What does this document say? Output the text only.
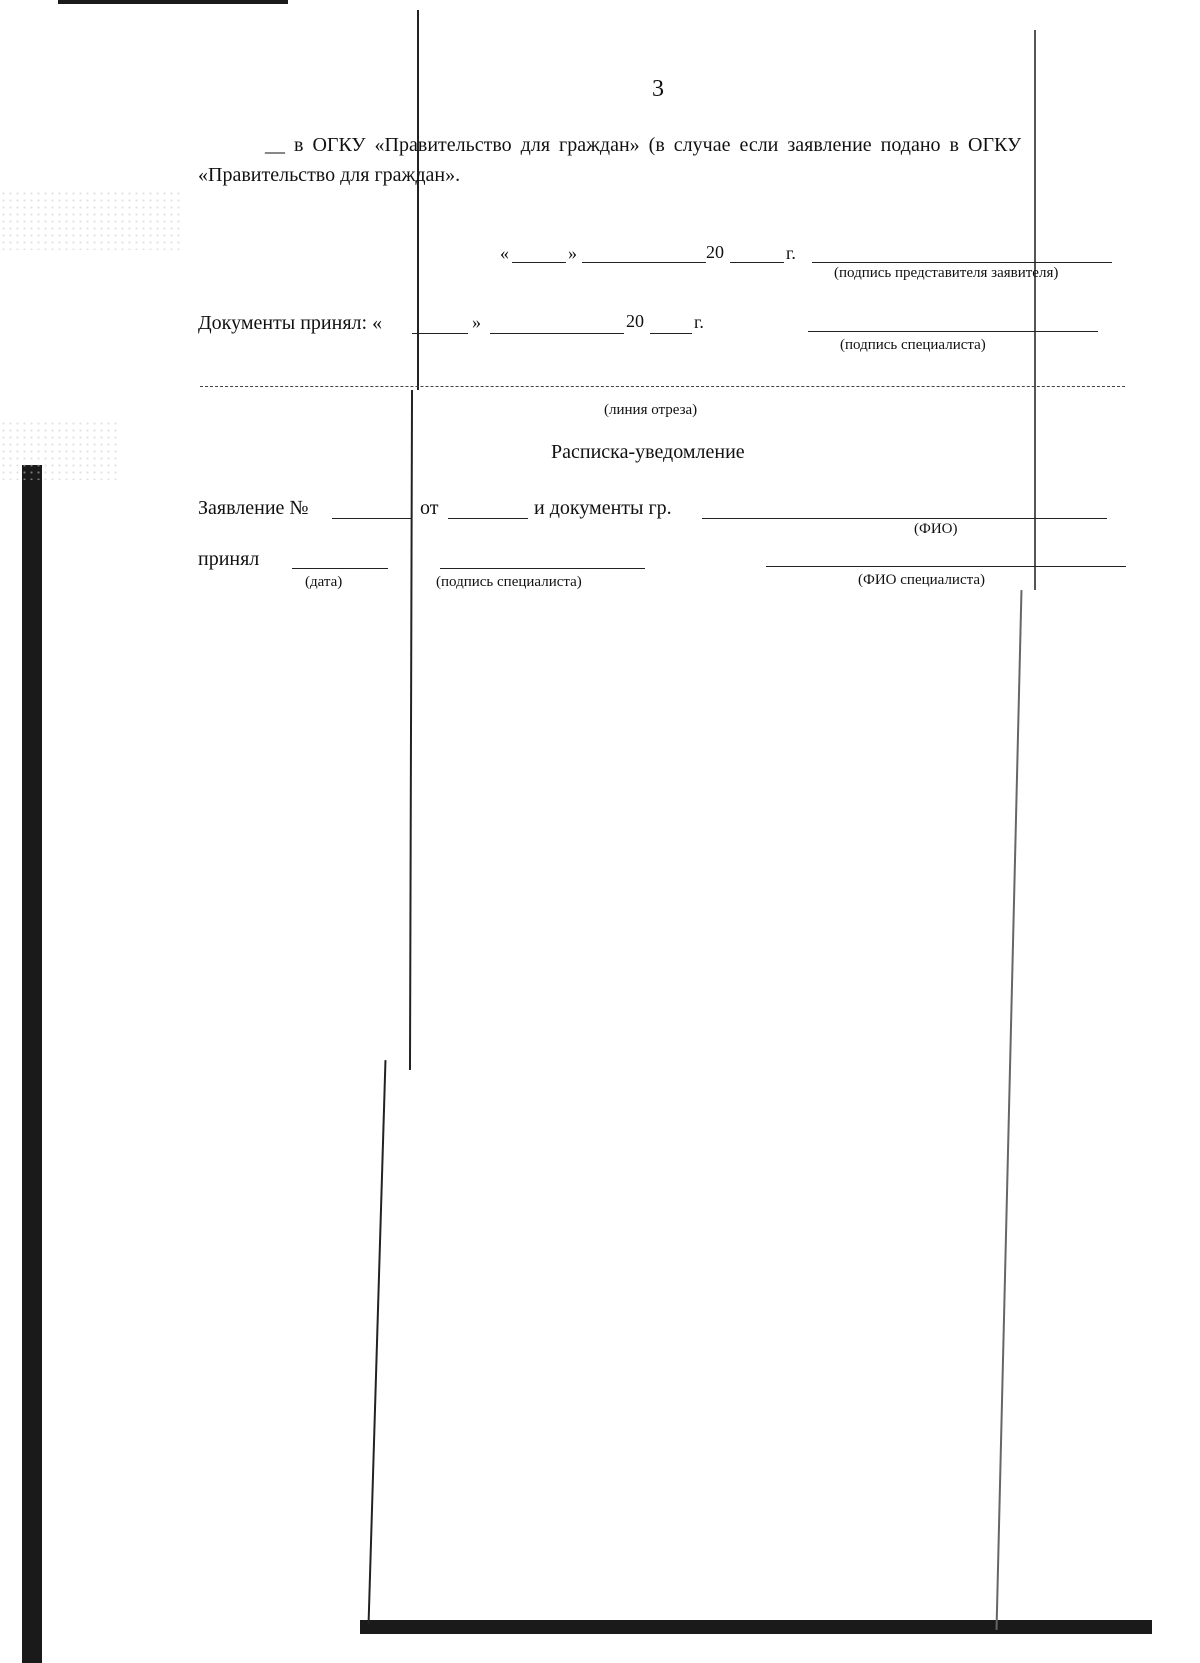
3
__ в ОГКУ «Правительство для граждан» (в случае если заявление подано в ОГКУ
«Правительство для граждан».
«	»	20	г.
(подпись представителя заявителя)
Документы принял: «	»	20	г.
(подпись специалиста)
(линия отреза)
Расписка-уведомление
Заявление №	от	и документы гр.
(ФИО)
принял
(дата)	(подпись специалиста)	(ФИО специалиста)
